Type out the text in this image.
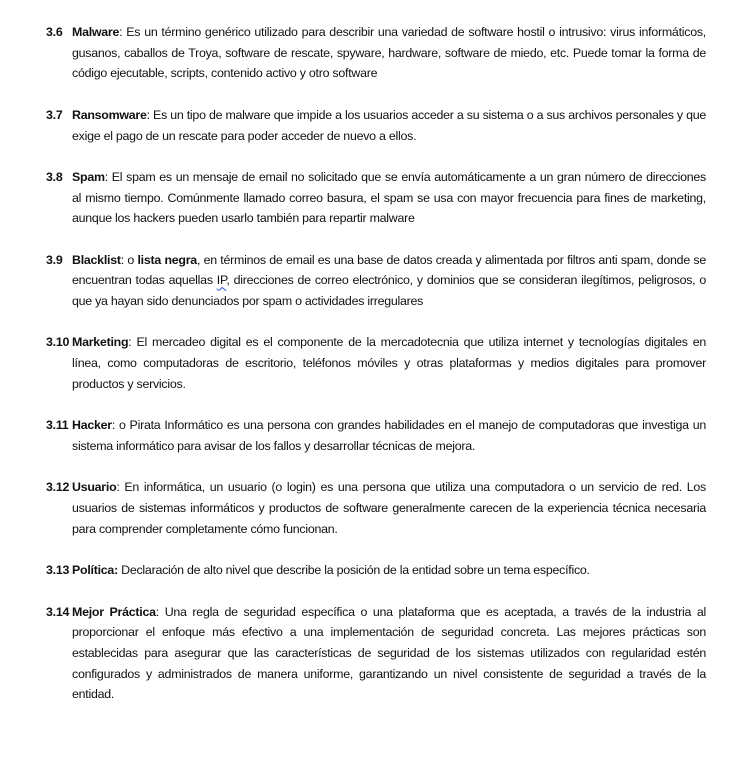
3.6 Malware: Es un término genérico utilizado para describir una variedad de software hostil o intrusivo: virus informáticos, gusanos, caballos de Troya, software de rescate, spyware, hardware, software de miedo, etc. Puede tomar la forma de código ejecutable, scripts, contenido activo y otro software

3.7 Ransomware: Es un tipo de malware que impide a los usuarios acceder a su sistema o a sus archivos personales y que exige el pago de un rescate para poder acceder de nuevo a ellos.

3.8 Spam: El spam es un mensaje de email no solicitado que se envía automáticamente a un gran número de direcciones al mismo tiempo. Comúnmente llamado correo basura, el spam se usa con mayor frecuencia para fines de marketing, aunque los hackers pueden usarlo también para repartir malware

3.9 Blacklist: o lista negra, en términos de email es una base de datos creada y alimentada por filtros anti spam, donde se encuentran todas aquellas IP, direcciones de correo electrónico, y dominios que se consideran ilegítimos, peligrosos, o que ya hayan sido denunciados por spam o actividades irregulares

3.10 Marketing: El mercadeo digital es el componente de la mercadotecnia que utiliza internet y tecnologías digitales en línea, como computadoras de escritorio, teléfonos móviles y otras plataformas y medios digitales para promover productos y servicios.

3.11 Hacker: o Pirata Informático es una persona con grandes habilidades en el manejo de computadoras que investiga un sistema informático para avisar de los fallos y desarrollar técnicas de mejora.

3.12 Usuario: En informática, un usuario (o login) es una persona que utiliza una computadora o un servicio de red. Los usuarios de sistemas informáticos y productos de software generalmente carecen de la experiencia técnica necesaria para comprender completamente cómo funcionan.

3.13 Política: Declaración de alto nivel que describe la posición de la entidad sobre un tema específico.

3.14 Mejor Práctica: Una regla de seguridad específica o una plataforma que es aceptada, a través de la industria al proporcionar el enfoque más efectivo a una implementación de seguridad concreta. Las mejores prácticas son establecidas para asegurar que las características de seguridad de los sistemas utilizados con regularidad estén configurados y administrados de manera uniforme, garantizando un nivel consistente de seguridad a través de la entidad.
